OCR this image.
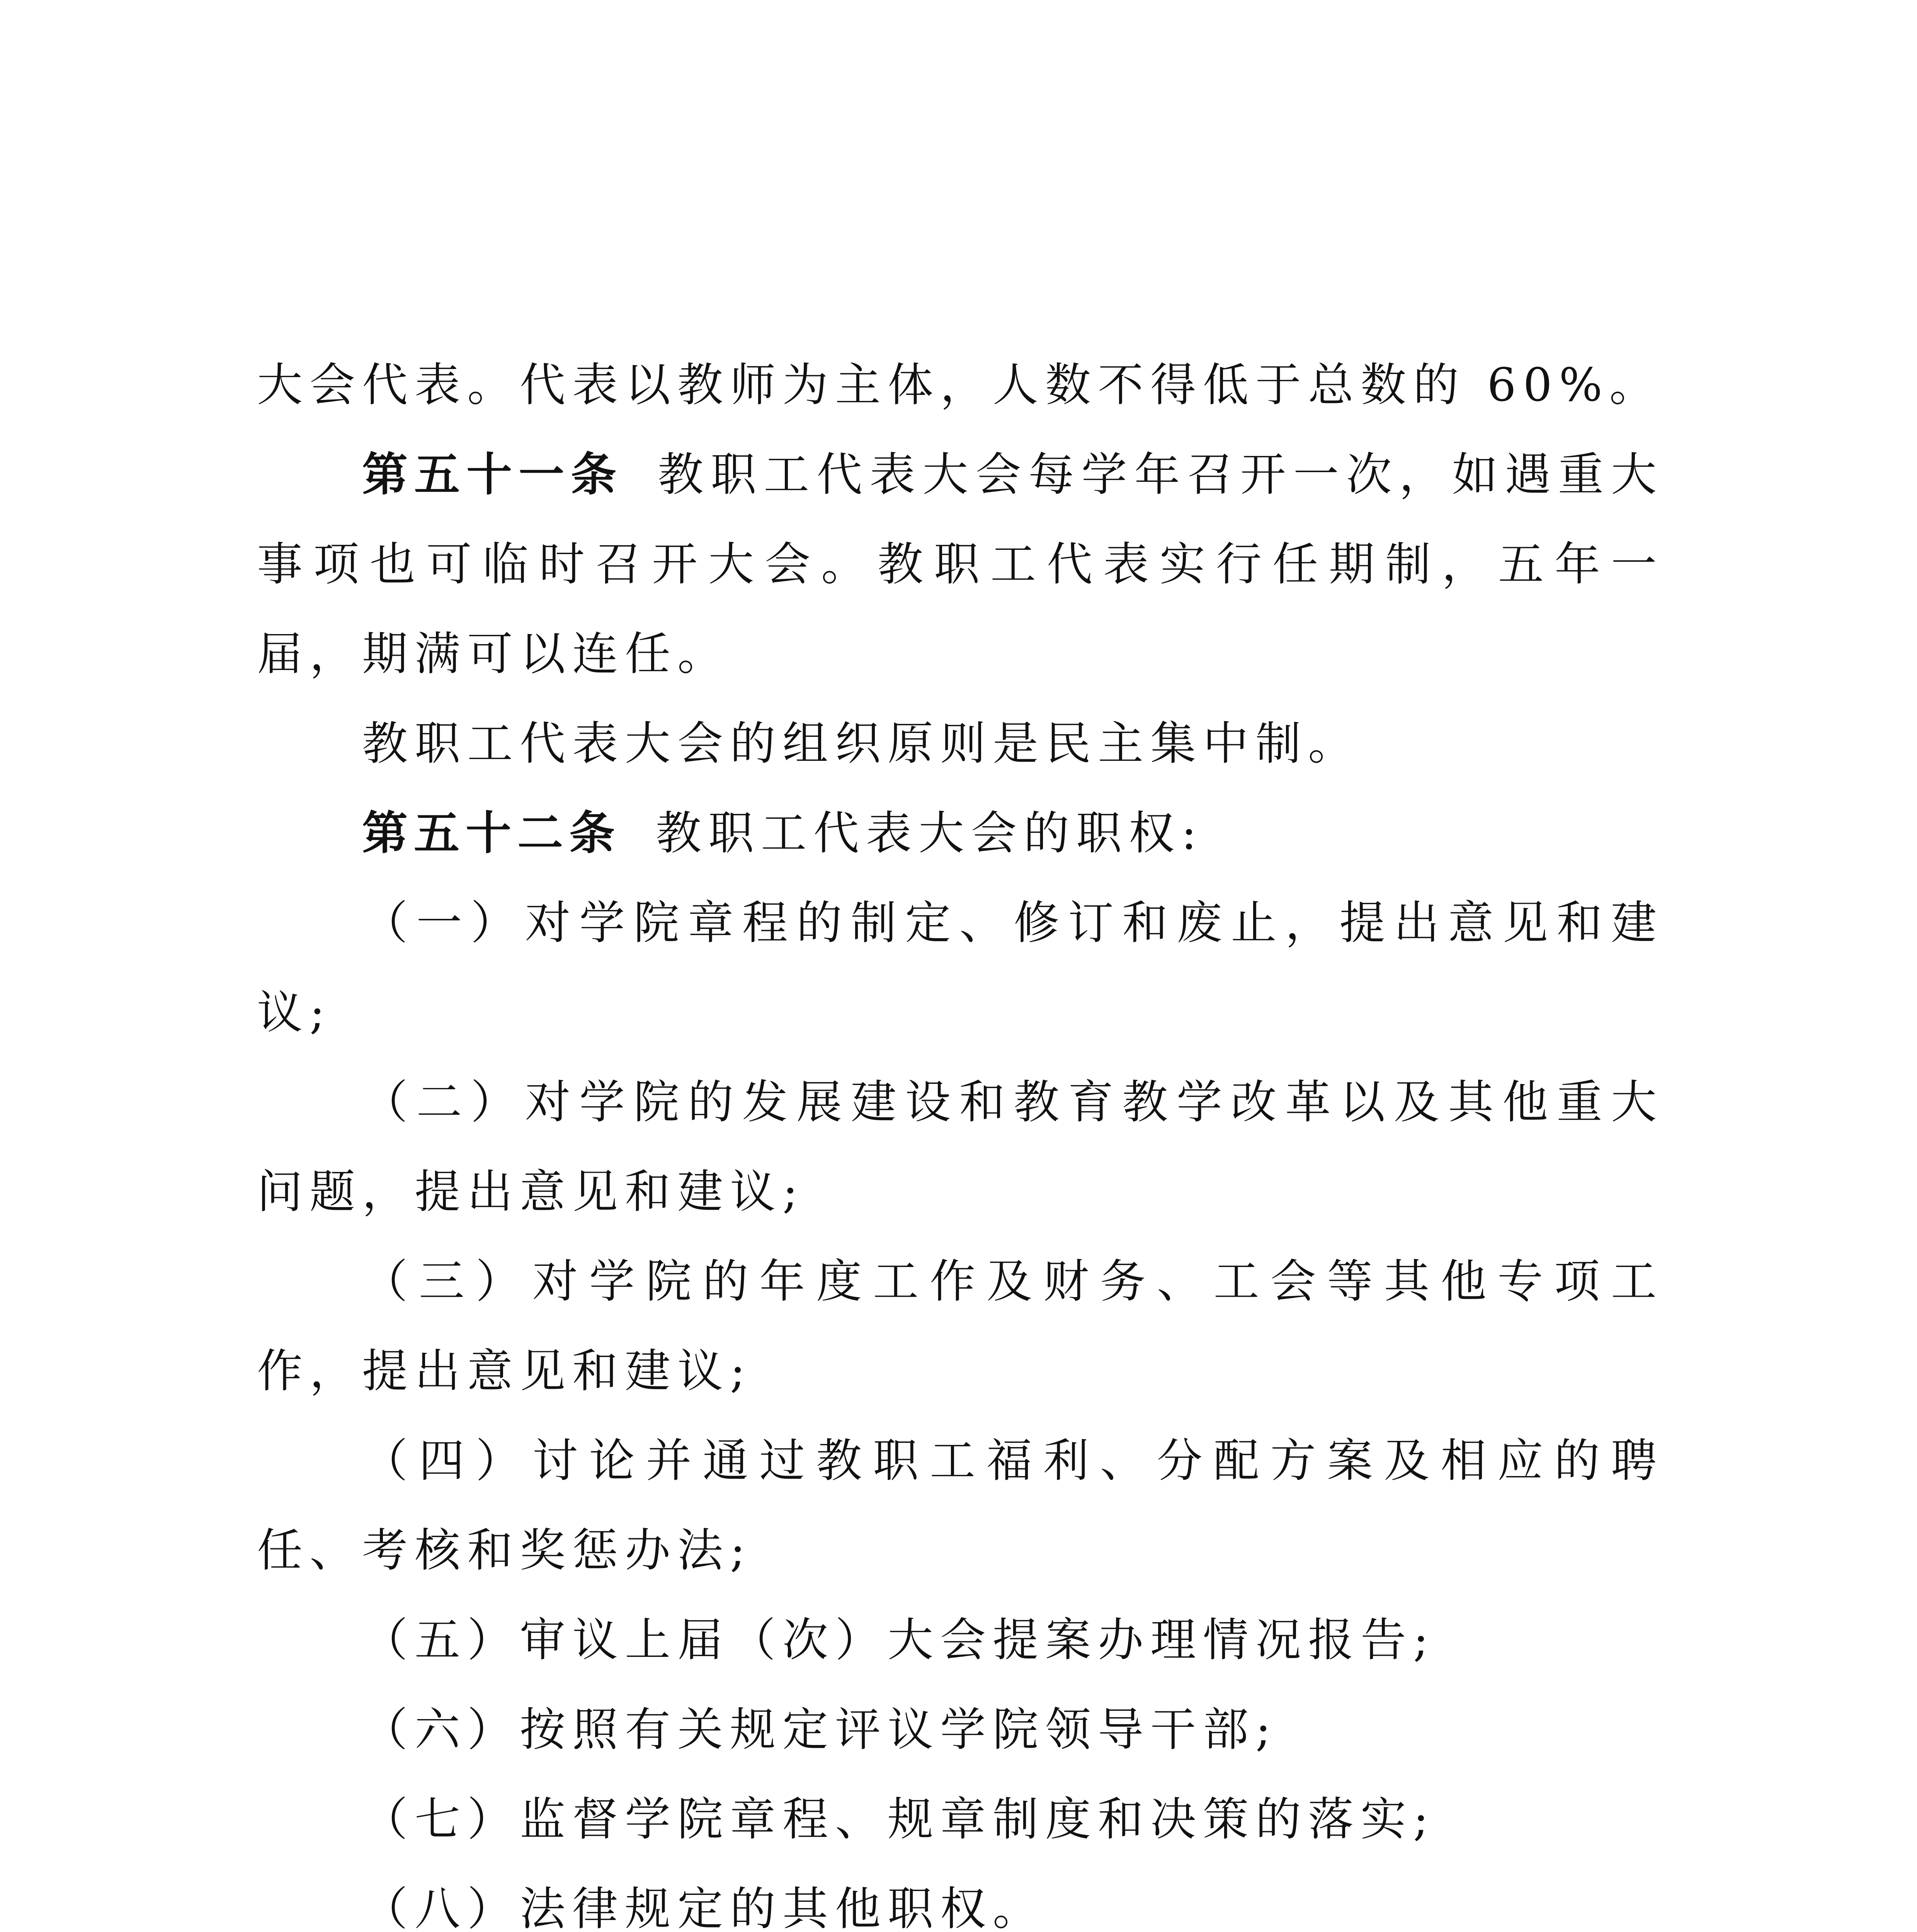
大会代表。代表以教师为主体，人数不得低于总数的 60%。

第五十一条 教职工代表大会每学年召开一次，如遇重大事项也可临时召开大会。教职工代表实行任期制，五年一届，期满可以连任。

教职工代表大会的组织原则是民主集中制。

第五十二条 教职工代表大会的职权:

（一）对学院章程的制定、修订和废止，提出意见和建议;

（二）对学院的发展建设和教育教学改革以及其他重大问题，提出意见和建议;

（三）对学院的年度工作及财务、工会等其他专项工作，提出意见和建议;

（四）讨论并通过教职工福利、分配方案及相应的聘任、考核和奖惩办法;

（五）审议上届（次）大会提案办理情况报告;

（六）按照有关规定评议学院领导干部;

（七）监督学院章程、规章制度和决策的落实;

（八）法律规定的其他职权。
